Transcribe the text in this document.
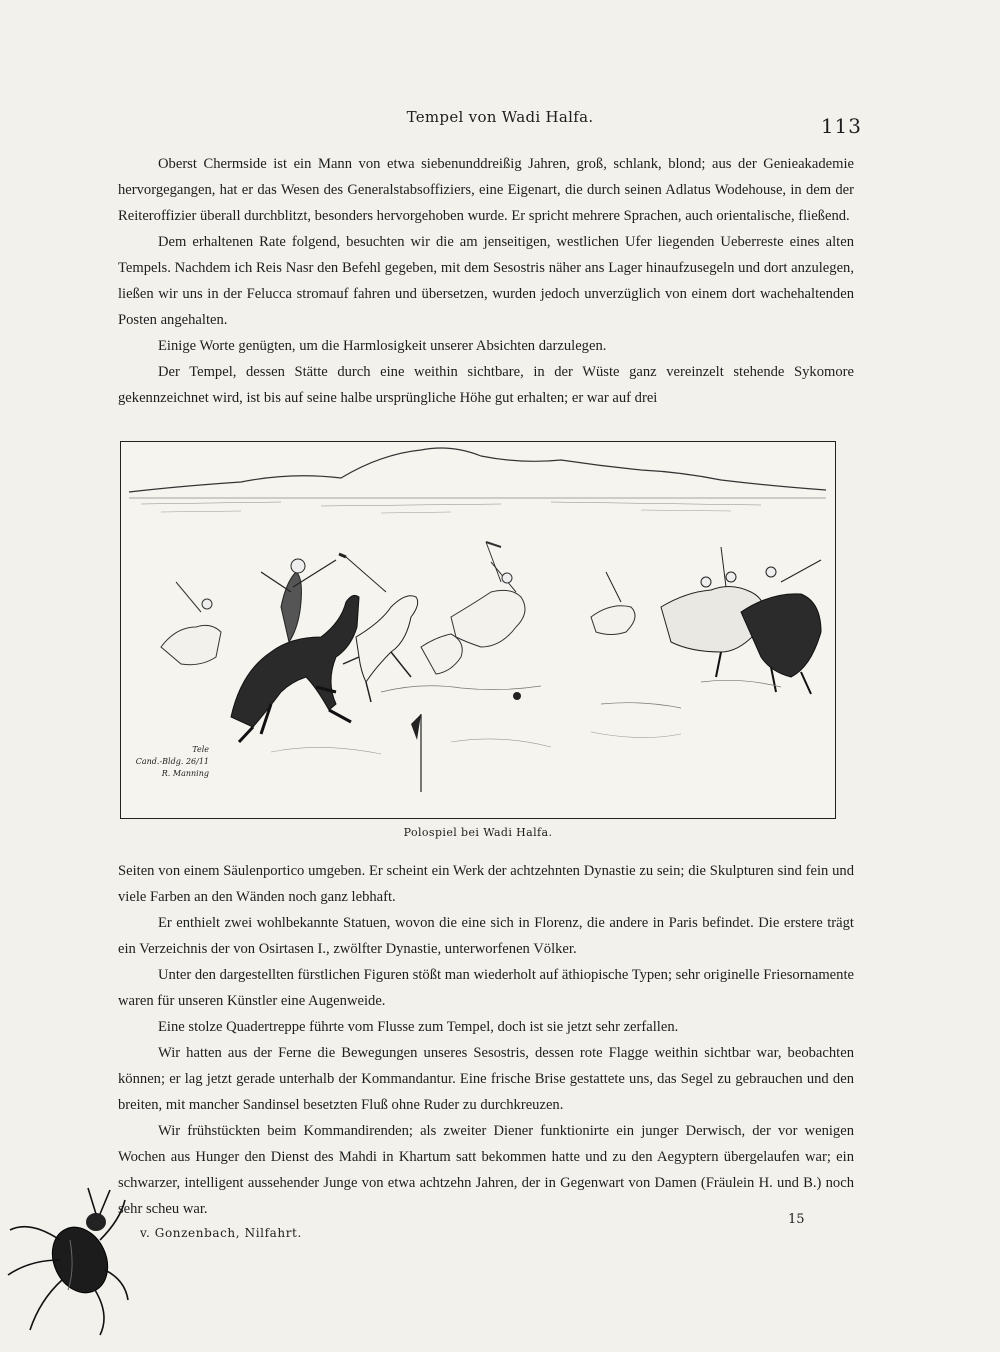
Tempel von Wadi Halfa.	113

Oberst Chermside ist ein Mann von etwa siebenunddreißig Jahren, groß, schlank, blond; aus der Genieakademie hervorgegangen, hat er das Wesen des Generalstabsoffiziers, eine Eigenart, die durch seinen Adlatus Wodehouse, in dem der Reiteroffizier überall durchblitzt, besonders hervorgehoben wurde. Er spricht mehrere Sprachen, auch orientalische, fließend.

Dem erhaltenen Rate folgend, besuchten wir die am jenseitigen, westlichen Ufer liegenden Ueberreste eines alten Tempels. Nachdem ich Reis Nasr den Befehl gegeben, mit dem Sesostris näher ans Lager hinaufzusegeln und dort anzulegen, ließen wir uns in der Felucca stromauf fahren und übersetzen, wurden jedoch unverzüglich von einem dort wachehaltenden Posten angehalten.

Einige Worte genügten, um die Harmlosigkeit unserer Absichten darzulegen.

Der Tempel, dessen Stätte durch eine weithin sichtbare, in der Wüste ganz vereinzelt stehende Sykomore gekennzeichnet wird, ist bis auf seine halbe ursprüngliche Höhe gut erhalten; er war auf drei

Tele
Cand.-Bldg. 26/11
R. Manning
Polospiel bei Wadi Halfa.

Seiten von einem Säulenportico umgeben. Er scheint ein Werk der achtzehnten Dynastie zu sein; die Skulpturen sind fein und viele Farben an den Wänden noch ganz lebhaft.

Er enthielt zwei wohlbekannte Statuen, wovon die eine sich in Florenz, die andere in Paris befindet. Die erstere trägt ein Verzeichnis der von Osirtasen I., zwölfter Dynastie, unterworfenen Völker.

Unter den dargestellten fürstlichen Figuren stößt man wiederholt auf äthiopische Typen; sehr originelle Friesornamente waren für unseren Künstler eine Augenweide.

Eine stolze Quadertreppe führte vom Flusse zum Tempel, doch ist sie jetzt sehr zerfallen.

Wir hatten aus der Ferne die Bewegungen unseres Sesostris, dessen rote Flagge weithin sichtbar war, beobachten können; er lag jetzt gerade unterhalb der Kommandantur. Eine frische Brise gestattete uns, das Segel zu gebrauchen und den breiten, mit mancher Sandinsel besetzten Fluß ohne Ruder zu durchkreuzen.

Wir frühstückten beim Kommandirenden; als zweiter Diener funktionirte ein junger Derwisch, der vor wenigen Wochen aus Hunger den Dienst des Mahdi in Khartum satt bekommen hatte und zu den Aegyptern übergelaufen war; ein schwarzer, intelligent aussehender Junge von etwa achtzehn Jahren, der in Gegenwart von Damen (Fräulein H. und B.) noch sehr scheu war.

v. Gonzenbach, Nilfahrt.
15
